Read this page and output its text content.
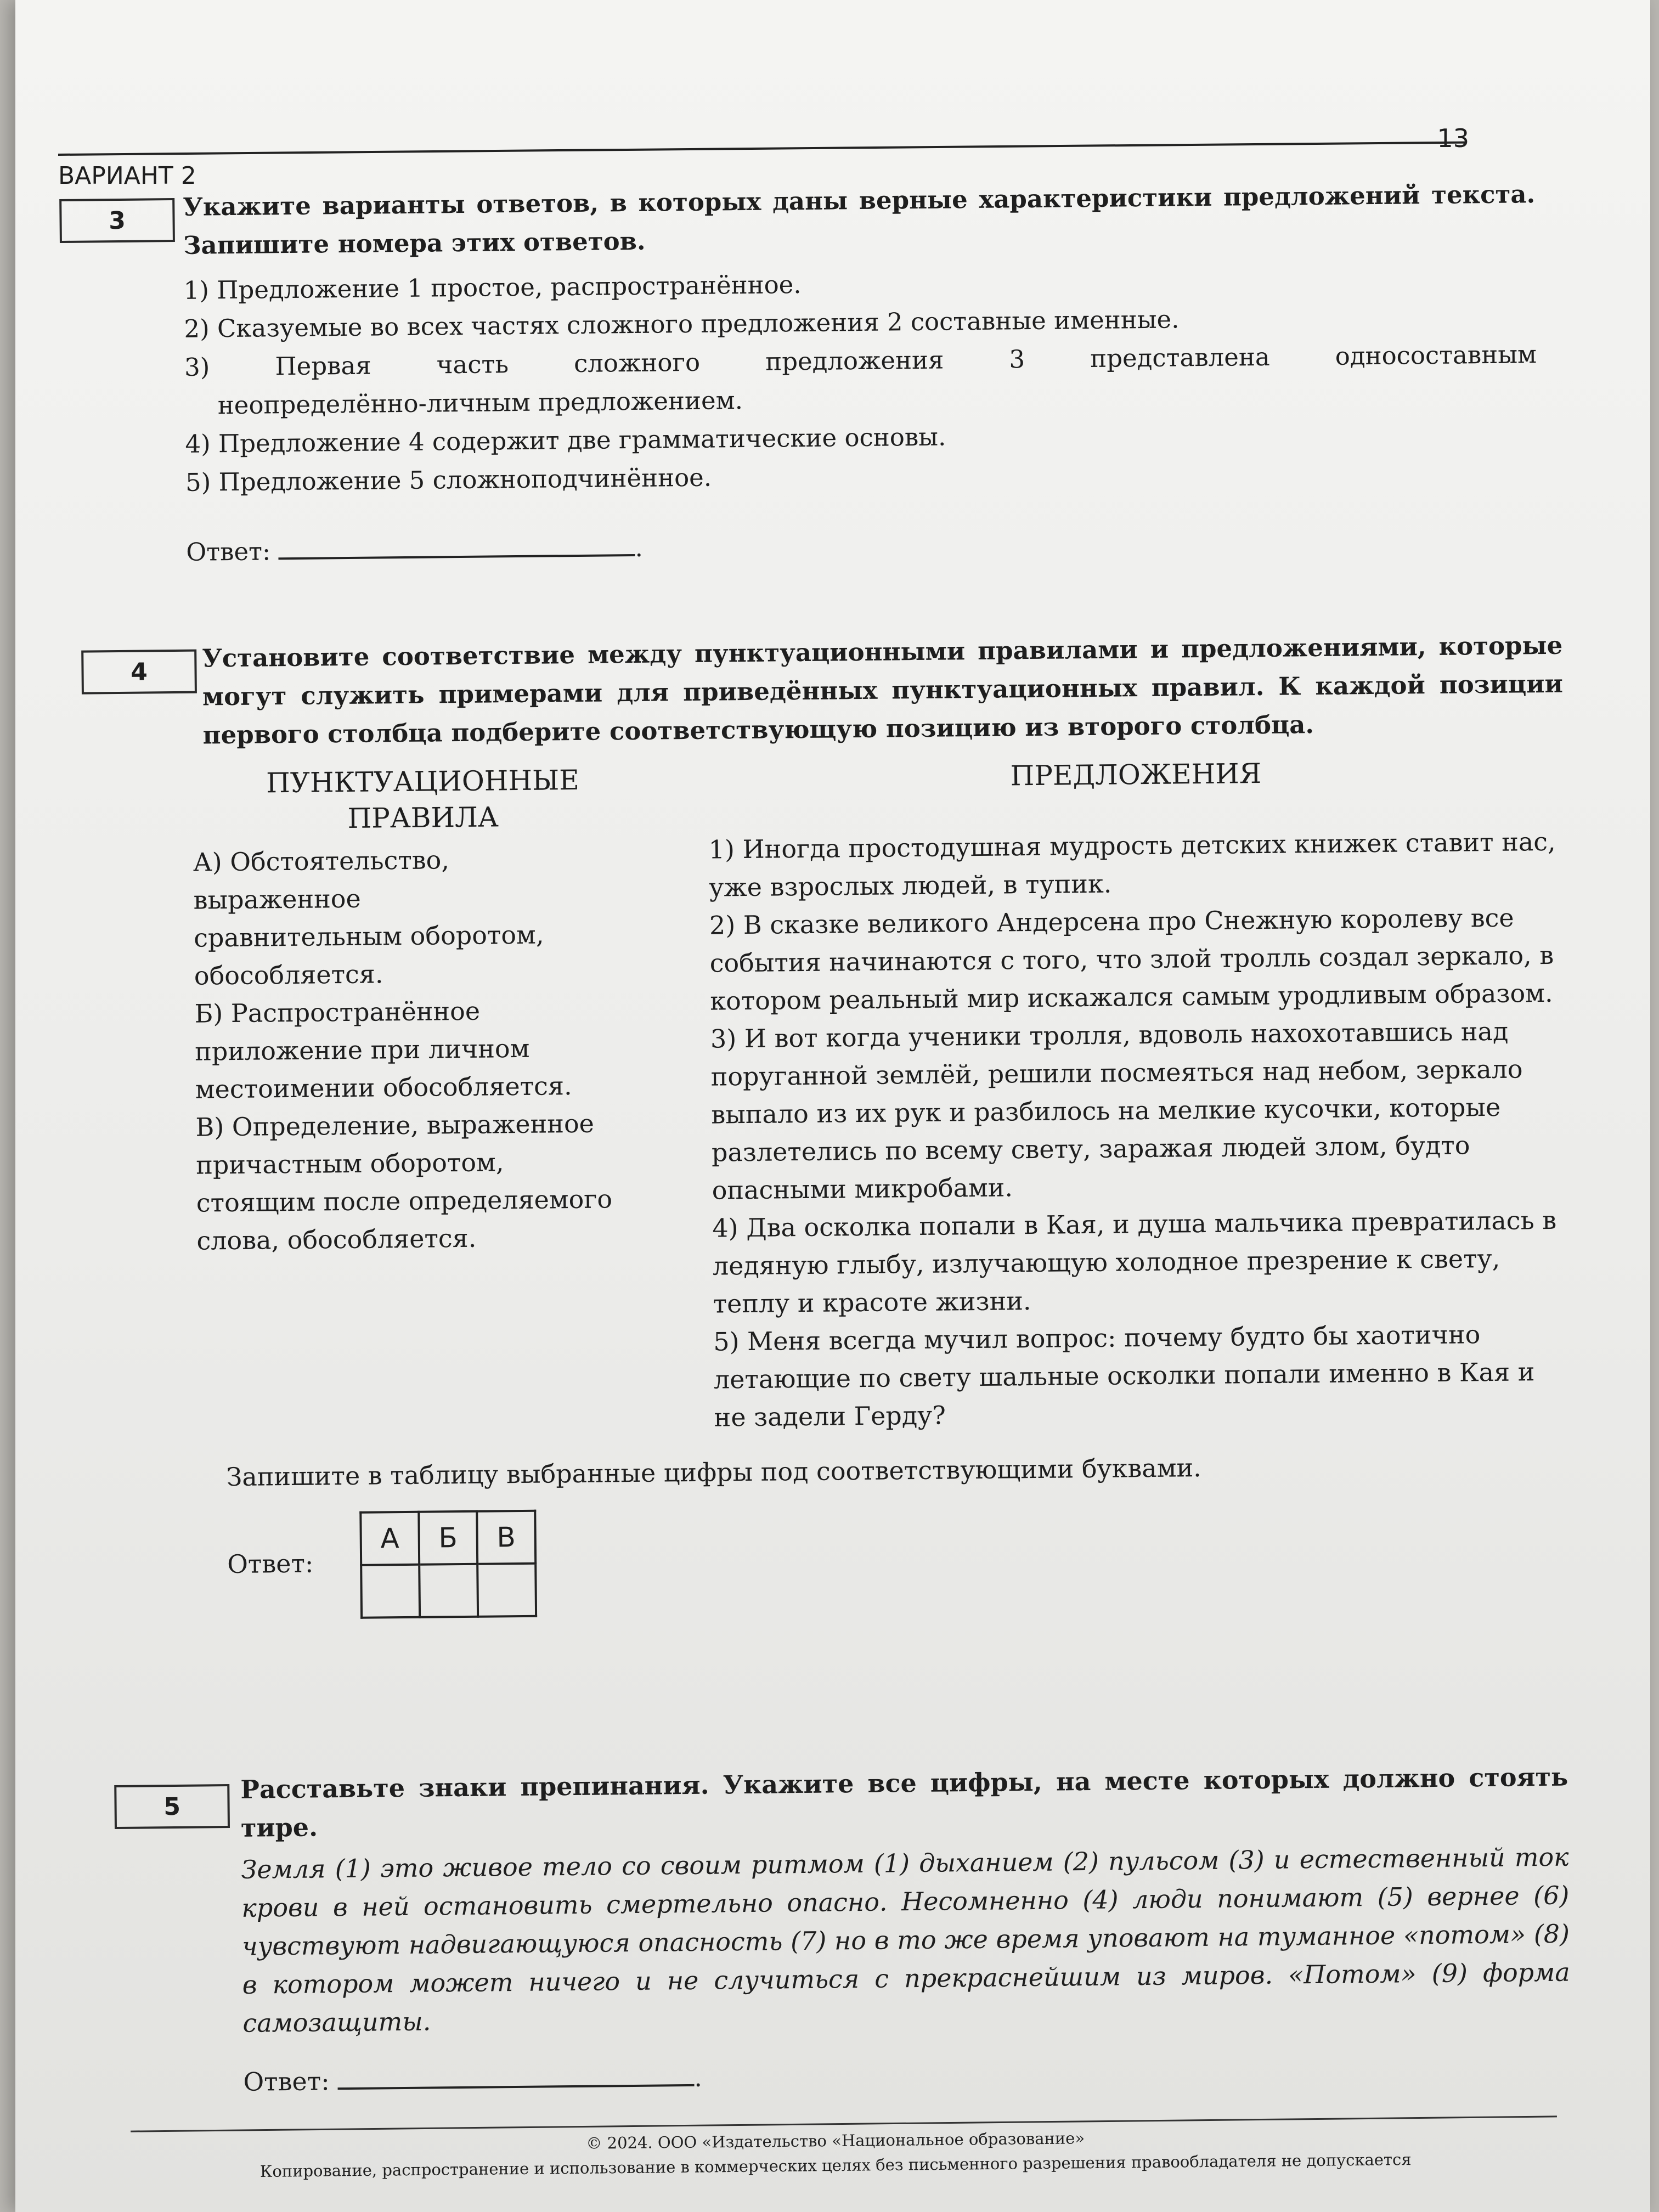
13
ВАРИАНТ 2
3	Укажите варианты ответов, в которых даны верные характеристики предложений текста. Запишите номера этих ответов.

1) Предложение 1 простое, распространённое.

2) Сказуемые во всех частях сложного предложения 2 составные именные.

3) Первая часть сложного предложения 3 представлена односоставным

неопределённо-личным предложением.

4) Предложение 4 содержит две грамматические основы.

5) Предложение 5 сложноподчинённое.

Ответ:	.

4	Установите соответствие между пунктуационными правилами и предложениями, которые могут служить примерами для приведённых пунктуационных правил. К каждой позиции первого столбца подберите соответствующую позицию из второго столбца.

ПУНКТУАЦИОННЫЕ
ПРАВИЛА

А) Обстоятельство, выраженное сравнительным оборотом, обособляется.

Б) Распространённое приложение при личном местоимении обособляется.

В) Определение, выраженное причастным оборотом, стоящим после определяемого слова, обособляется.

ПРЕДЛОЖЕНИЯ

1) Иногда простодушная мудрость детских книжек ставит нас, уже взрослых людей, в тупик.

2) В сказке великого Андерсена про Снежную королеву все события начинаются с того, что злой тролль создал зеркало, в котором реальный мир искажался самым уродливым образом.

3) И вот когда ученики тролля, вдоволь нахохотавшись над поруганной землёй, решили посмеяться над небом, зеркало выпало из их рук и разбилось на мелкие кусочки, которые разлетелись по всему свету, заражая людей злом, будто опасными микробами.

4) Два осколка попали в Кая, и душа мальчика превратилась в ледяную глыбу, излучающую холодное презрение к свету, теплу и красоте жизни.

5) Меня всегда мучил вопрос: почему будто бы хаотично летающие по свету шальные осколки попали именно в Кая и не задели Герду?

Запишите в таблицу выбранные цифры под соответствующими буквами.

Ответ: А	Б	В

5

Расставьте знаки препинания. Укажите все цифры, на месте которых должно стоять тире.

Земля (1) это живое тело со своим ритмом (1) дыханием (2) пульсом (3) и естественный ток крови в ней остановить смертельно опасно. Несомненно (4) люди понимают (5) вернее (6) чувствуют надвигающуюся опасность (7) но в то же время уповают на туманное «потом» (8) в котором может ничего и не случиться с прекраснейшим из миров. «Потом» (9) форма самозащиты.

Ответ:	.

© 2024. ООО «Издательство «Национальное образование»
Копирование, распространение и использование в коммерческих целях без письменного разрешения правообладателя не допускается
